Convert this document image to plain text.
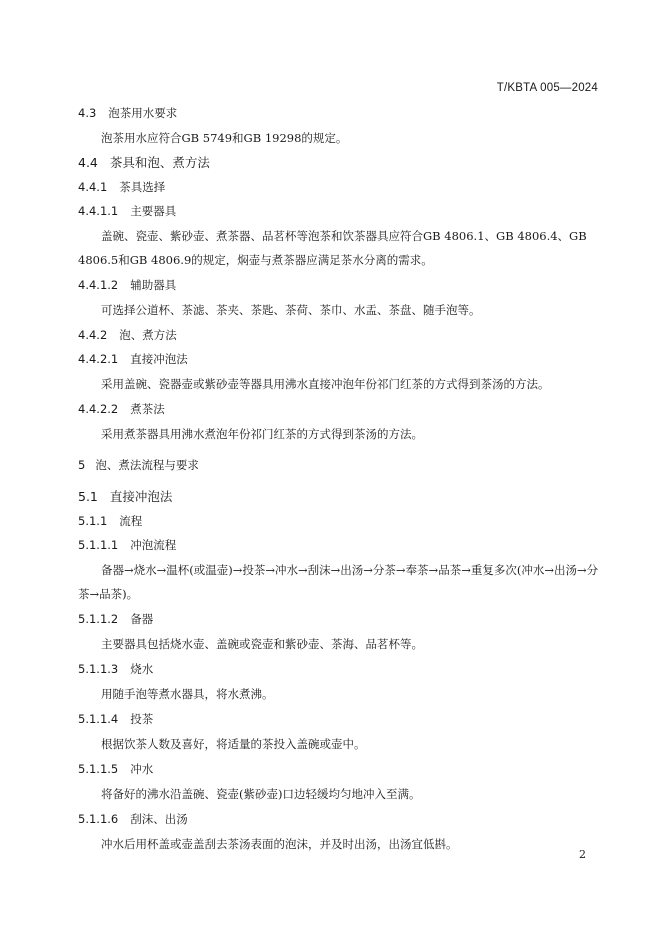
T/KBTA 005—2024
4.3 泡茶用水要求

泡茶用水应符合GB 5749和GB 19298的规定。

4.4 茶具和泡、煮方法
4.4.1 茶具选择
4.4.1.1 主要器具

盖碗、瓷壶、紫砂壶、煮茶器、品茗杯等泡茶和饮茶器具应符合GB 4806.1、GB 4806.4、GB 4806.5和GB 4806.9的规定，焖壶与煮茶器应满足茶水分离的需求。

4.4.1.2 辅助器具

可选择公道杯、茶滤、茶夹、茶匙、茶荷、茶巾、水盂、茶盘、随手泡等。

4.4.2 泡、煮方法
4.4.2.1 直接冲泡法

采用盖碗、瓷器壶或紫砂壶等器具用沸水直接冲泡年份祁门红茶的方式得到茶汤的方法。

4.4.2.2 煮茶法

采用煮茶器具用沸水煮泡年份祁门红茶的方式得到茶汤的方法。

5 泡、煮法流程与要求
5.1 直接冲泡法
5.1.1 流程
5.1.1.1 冲泡流程

备器→烧水→温杯(或温壶)→投茶→冲水→刮沫→出汤→分茶→奉茶→品茶→重复多次(冲水→出汤→分茶→品茶)。

5.1.1.2 备器

主要器具包括烧水壶、盖碗或瓷壶和紫砂壶、茶海、品茗杯等。

5.1.1.3 烧水

用随手泡等煮水器具，将水煮沸。

5.1.1.4 投茶

根据饮茶人数及喜好，将适量的茶投入盖碗或壶中。

5.1.1.5 冲水

将备好的沸水沿盖碗、瓷壶(紫砂壶)口边轻缓均匀地冲入至满。

5.1.1.6 刮沫、出汤

冲水后用杯盖或壶盖刮去茶汤表面的泡沫，并及时出汤，出汤宜低斟。

2
